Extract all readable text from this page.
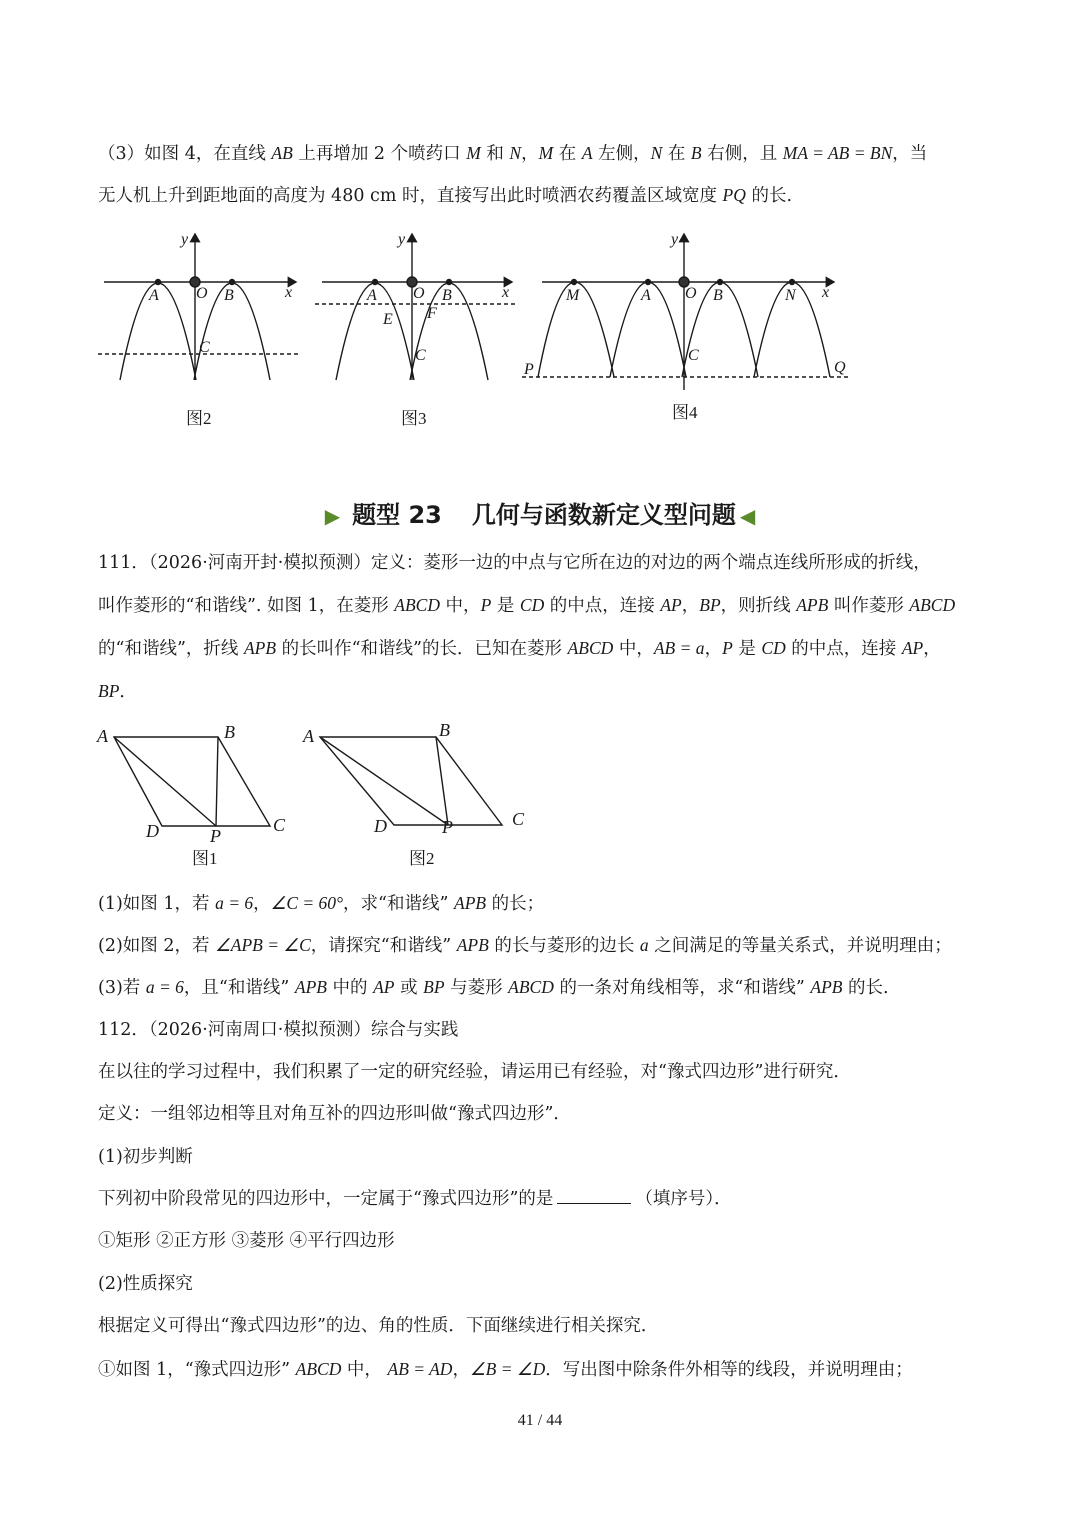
（3）如图 4，在直线 AB 上再增加 2 个喷药口 M 和 N，M 在 A 左侧，N 在 B 右侧，且 MA = AB = BN，当
无人机上升到距地面的高度为 480 cm 时，直接写出此时喷洒农药覆盖区域宽度 PQ 的长.
y
x
A O B
C
y
x
A O B
E F
C
y
x
M	A O B	N
C
P	Q
图2	图3	图4
▶ 题型 23 几何与函数新定义型问题 ◀
111．（2026·河南开封·模拟预测）定义：菱形一边的中点与它所在边的对边的两个端点连线所形成的折线，
叫作菱形的“和谐线”. 如图 1，在菱形 ABCD 中，P 是 CD 的中点，连接 AP，BP，则折线 APB 叫作菱形 ABCD
的“和谐线”，折线 APB 的长叫作“和谐线”的长．已知在菱形 ABCD 中，AB = a，P 是 CD 的中点，连接 AP，
BP．
A	B
C
D	P
A	B
C
D	P
图1	图2
(1)如图 1，若 a = 6，∠C = 60°，求“和谐线” APB 的长；
(2)如图 2，若 ∠APB = ∠C，请探究“和谐线” APB 的长与菱形的边长 a 之间满足的等量关系式，并说明理由；
(3)若 a = 6，且“和谐线” APB 中的 AP 或 BP 与菱形 ABCD 的一条对角线相等，求“和谐线” APB 的长.
112．（2026·河南周口·模拟预测）综合与实践
在以往的学习过程中，我们积累了一定的研究经验，请运用已有经验，对“豫式四边形”进行研究．
定义：一组邻边相等且对角互补的四边形叫做“豫式四边形”．
(1)初步判断
下列初中阶段常见的四边形中，一定属于“豫式四边形”的是	（填序号）．
①矩形 ②正方形 ③菱形 ④平行四边形
(2)性质探究
根据定义可得出“豫式四边形”的边、角的性质．下面继续进行相关探究．
①如图 1，“豫式四边形” ABCD 中， AB = AD，∠B = ∠D．写出图中除条件外相等的线段，并说明理由；
41 / 44
